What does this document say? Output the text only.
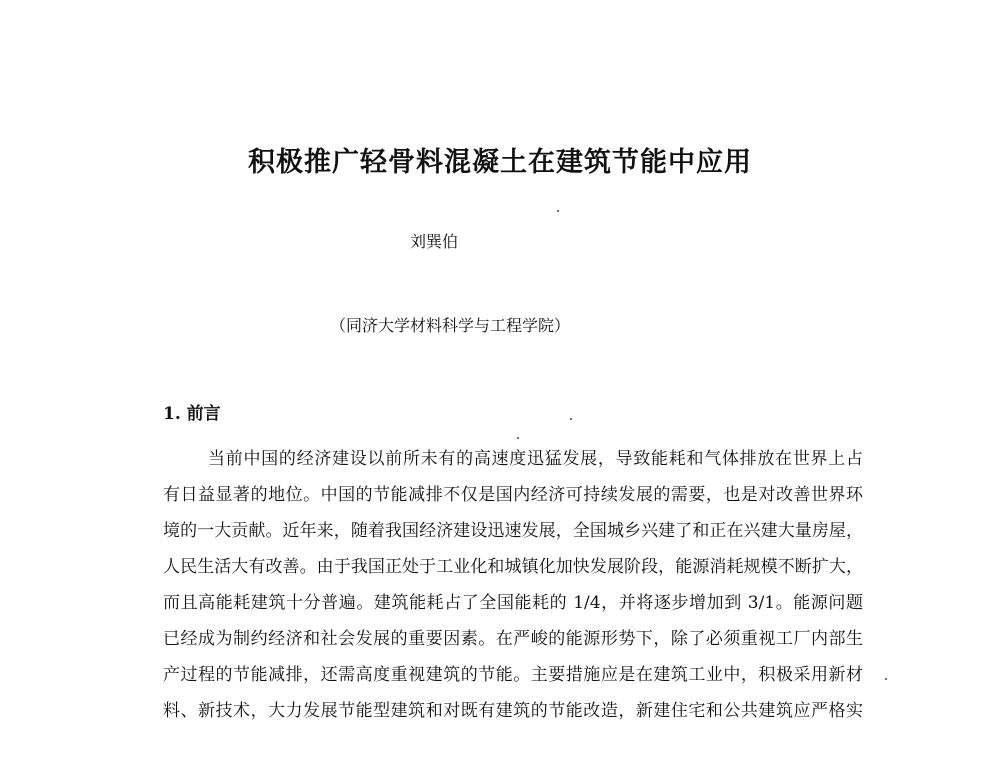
积极推广轻骨料混凝土在建筑节能中应用
刘巽伯
（同济大学材料科学与工程学院）
1. 前言
当前中国的经济建设以前所未有的高速度迅猛发展，导致能耗和气体排放在世界上占
有日益显著的地位。中国的节能减排不仅是国内经济可持续发展的需要，也是对改善世界环
境的一大贡献。近年来，随着我国经济建设迅速发展，全国城乡兴建了和正在兴建大量房屋，
人民生活大有改善。由于我国正处于工业化和城镇化加快发展阶段，能源消耗规模不断扩大，
而且高能耗建筑十分普遍。建筑能耗占了全国能耗的 1/4，并将逐步增加到 3/1。能源问题
已经成为制约经济和社会发展的重要因素。在严峻的能源形势下，除了必须重视工厂内部生
产过程的节能减排，还需高度重视建筑的节能。主要措施应是在建筑工业中，积极采用新材
料、新技术，大力发展节能型建筑和对既有建筑的节能改造，新建住宅和公共建筑应严格实
